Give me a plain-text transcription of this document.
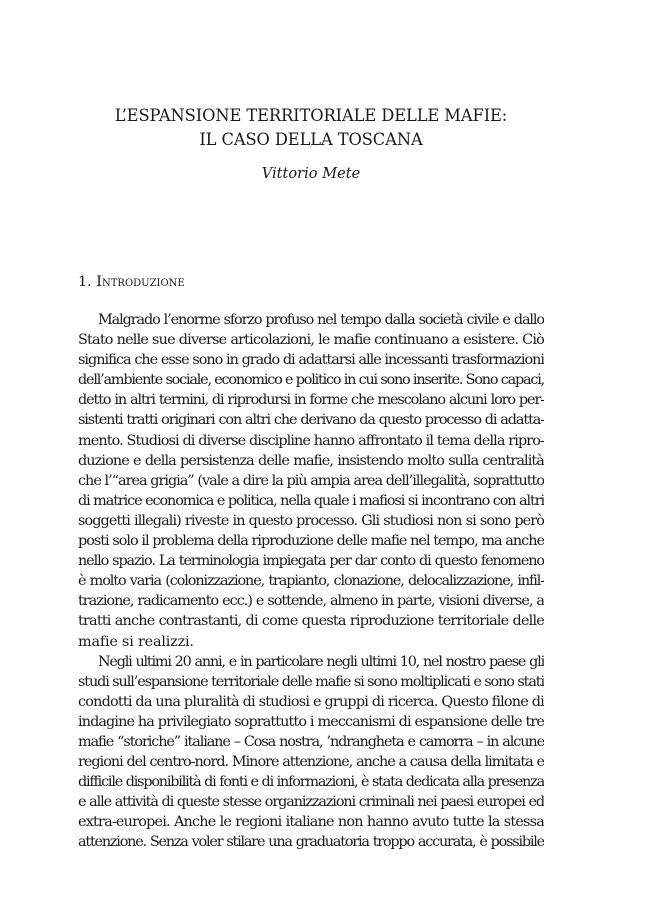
L’ESPANSIONE TERRITORIALE DELLE MAFIE:
IL CASO DELLA TOSCANA
Vittorio Mete
1. Introduzione
Malgrado l’enorme sforzo profuso nel tempo dalla società civile e dallo
Stato nelle sue diverse articolazioni, le mafie continuano a esistere. Ciò
significa che esse sono in grado di adattarsi alle incessanti trasformazioni
dell’ambiente sociale, economico e politico in cui sono inserite. Sono capaci,
detto in altri termini, di riprodursi in forme che mescolano alcuni loro per-
sistenti tratti originari con altri che derivano da questo processo di adatta-
mento. Studiosi di diverse discipline hanno affrontato il tema della ripro-
duzione e della persistenza delle mafie, insistendo molto sulla centralità
che l’“area grigia” (vale a dire la più ampia area dell’illegalità, soprattutto
di matrice economica e politica, nella quale i mafiosi si incontrano con altri
soggetti illegali) riveste in questo processo. Gli studiosi non si sono però
posti solo il problema della riproduzione delle mafie nel tempo, ma anche
nello spazio. La terminologia impiegata per dar conto di questo fenomeno
è molto varia (colonizzazione, trapianto, clonazione, delocalizzazione, infil-
trazione, radicamento ecc.) e sottende, almeno in parte, visioni diverse, a
tratti anche contrastanti, di come questa riproduzione territoriale delle
mafie si realizzi.
Negli ultimi 20 anni, e in particolare negli ultimi 10, nel nostro paese gli
studi sull’espansione territoriale delle mafie si sono moltiplicati e sono stati
condotti da una pluralità di studiosi e gruppi di ricerca. Questo filone di
indagine ha privilegiato soprattutto i meccanismi di espansione delle tre
mafie “storiche” italiane – Cosa nostra, ’ndrangheta e camorra – in alcune
regioni del centro-nord. Minore attenzione, anche a causa della limitata e
difficile disponibilità di fonti e di informazioni, è stata dedicata alla presenza
e alle attività di queste stesse organizzazioni criminali nei paesi europei ed
extra-europei. Anche le regioni italiane non hanno avuto tutte la stessa
attenzione. Senza voler stilare una graduatoria troppo accurata, è possibile
